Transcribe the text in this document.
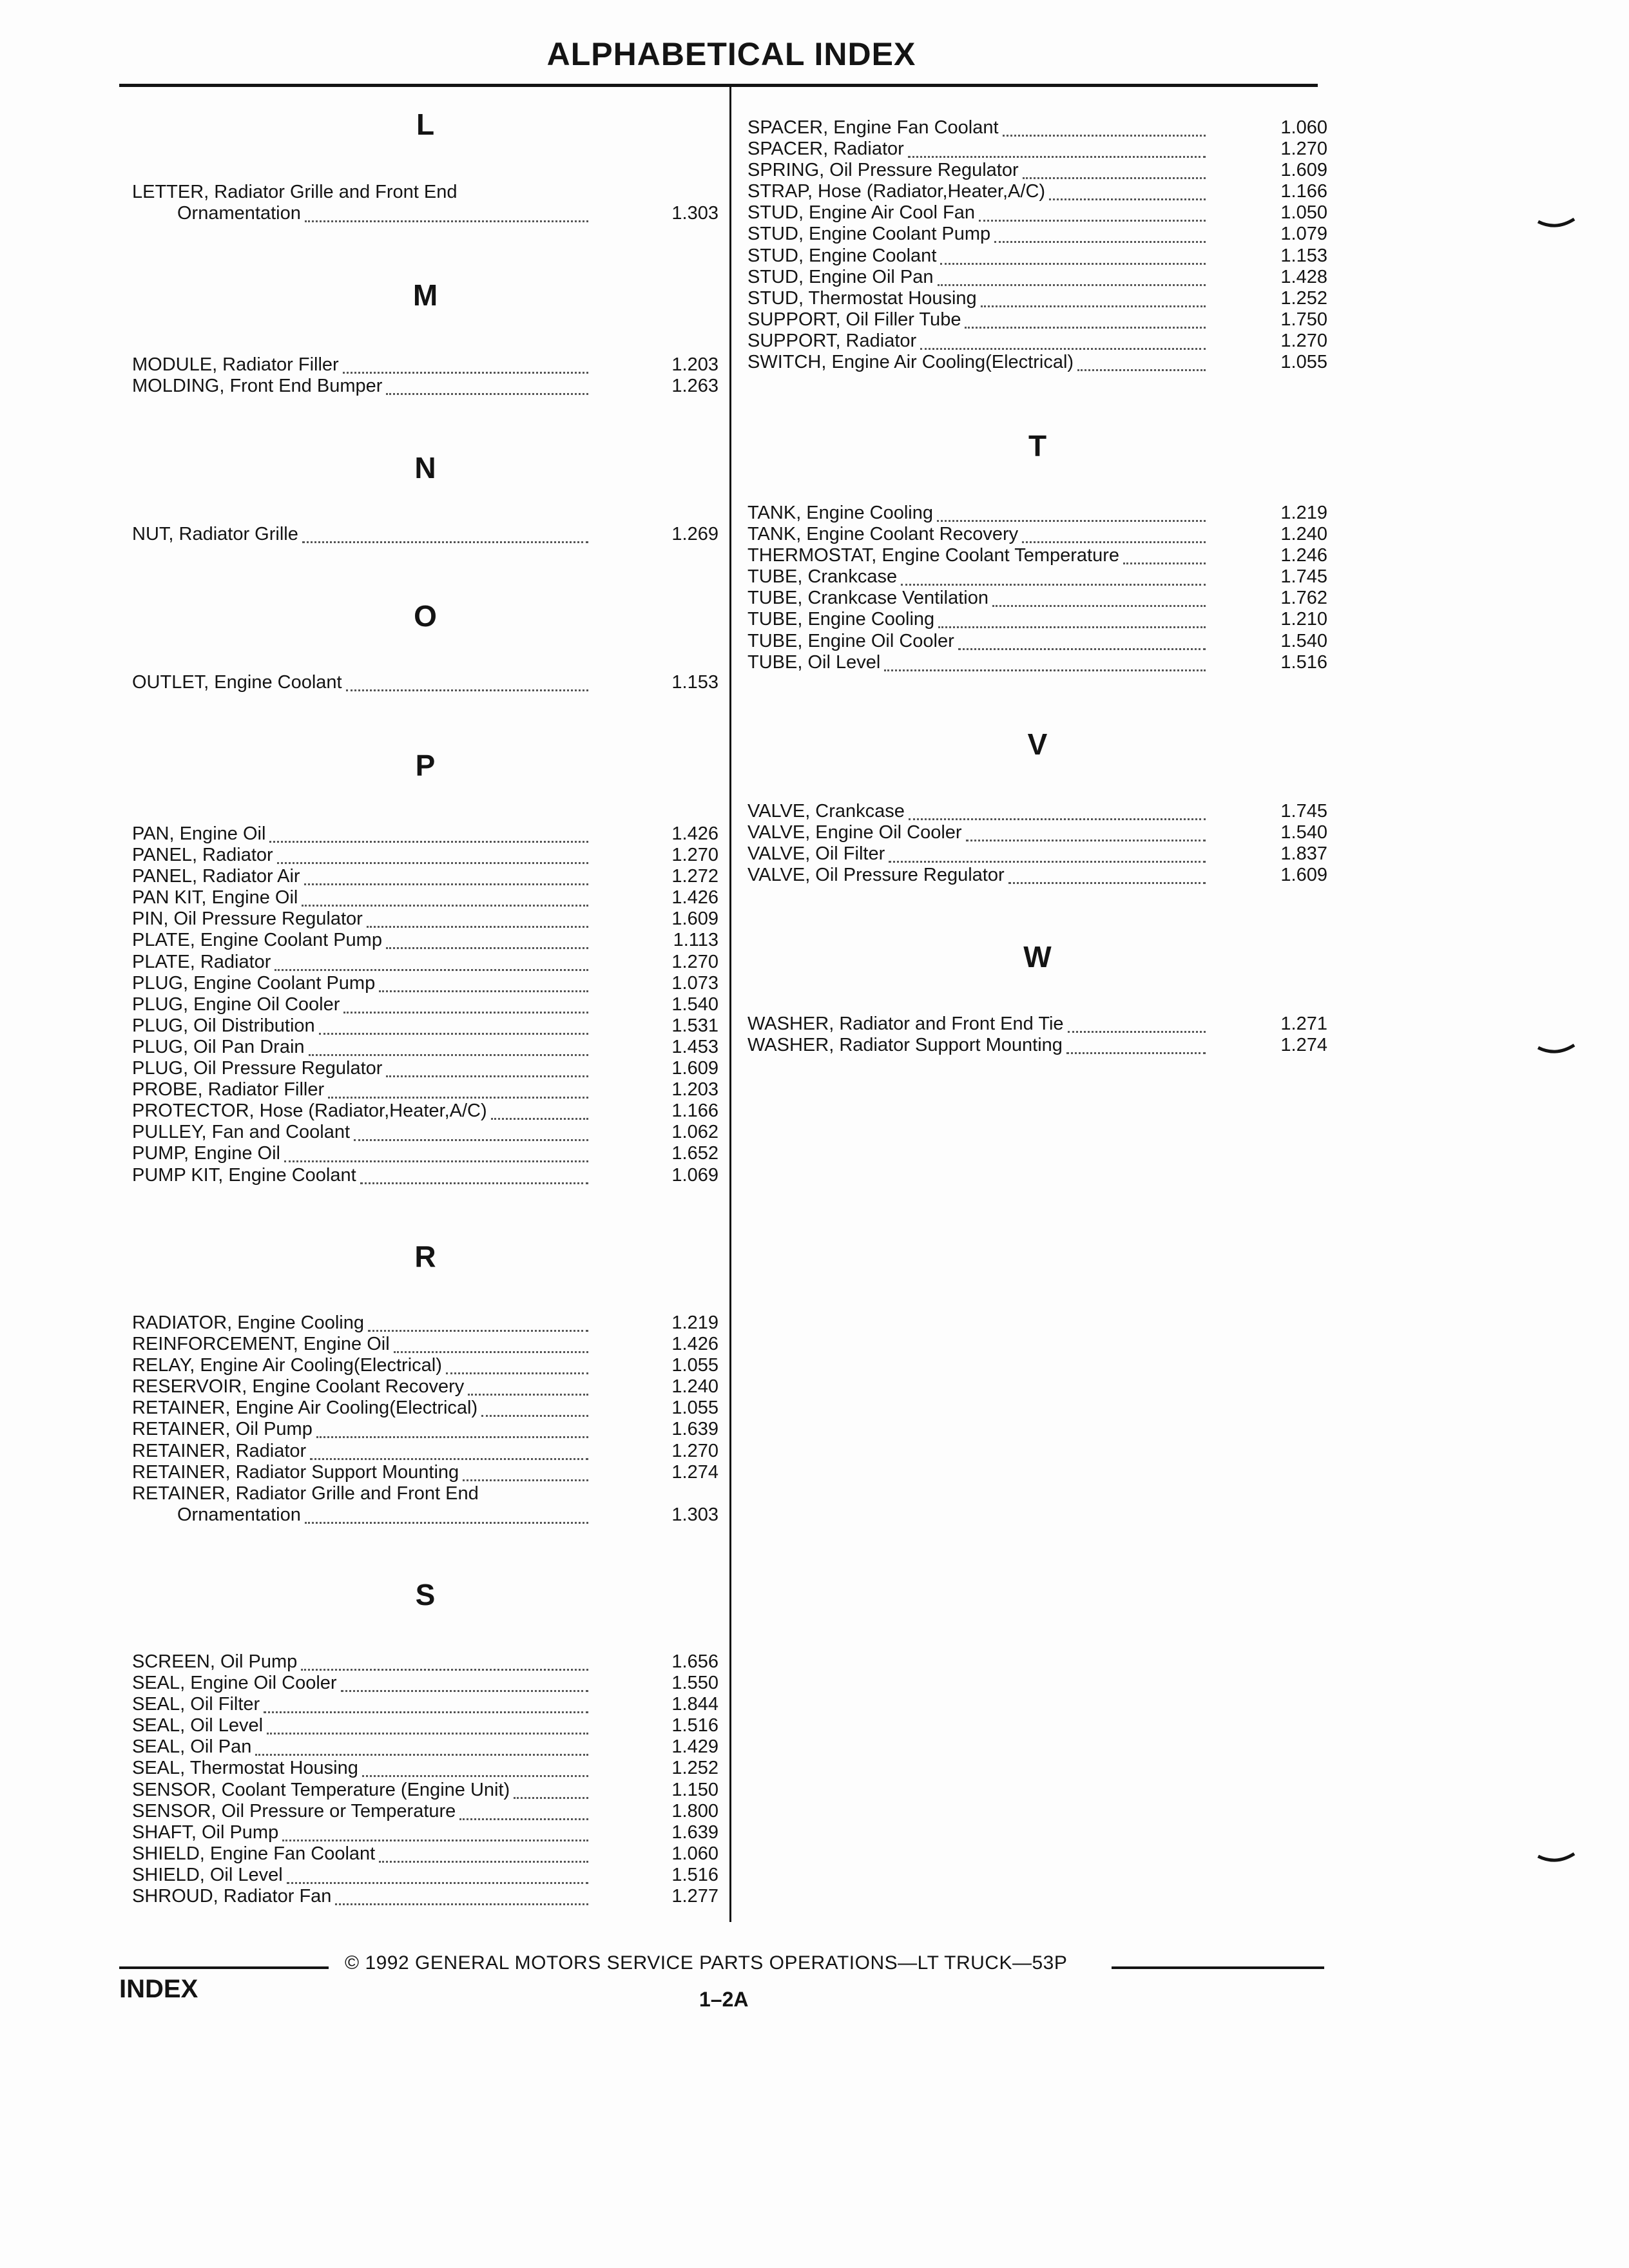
ALPHABETICAL INDEX
L
LETTER, Radiator Grille and Front End
Ornamentation	1.303
M
MODULE, Radiator Filler	1.203
MOLDING, Front End Bumper	1.263
N
NUT, Radiator Grille	1.269
O
OUTLET, Engine Coolant	1.153
P
PAN, Engine Oil	1.426
PANEL, Radiator	1.270
PANEL, Radiator Air	1.272
PAN KIT, Engine Oil	1.426
PIN, Oil Pressure Regulator	1.609
PLATE, Engine Coolant Pump	1.113
PLATE, Radiator	1.270
PLUG, Engine Coolant Pump	1.073
PLUG, Engine Oil Cooler	1.540
PLUG, Oil Distribution	1.531
PLUG, Oil Pan Drain	1.453
PLUG, Oil Pressure Regulator	1.609
PROBE, Radiator Filler	1.203
PROTECTOR, Hose (Radiator,Heater,A/C)	1.166
PULLEY, Fan and Coolant	1.062
PUMP, Engine Oil	1.652
PUMP KIT, Engine Coolant	1.069
R
RADIATOR, Engine Cooling	1.219
REINFORCEMENT, Engine Oil	1.426
RELAY, Engine Air Cooling(Electrical)	1.055
RESERVOIR, Engine Coolant Recovery	1.240
RETAINER, Engine Air Cooling(Electrical)	1.055
RETAINER, Oil Pump	1.639
RETAINER, Radiator	1.270
RETAINER, Radiator Support Mounting	1.274
RETAINER, Radiator Grille and Front End
Ornamentation	1.303
S
SCREEN, Oil Pump	1.656
SEAL, Engine Oil Cooler	1.550
SEAL, Oil Filter	1.844
SEAL, Oil Level	1.516
SEAL, Oil Pan	1.429
SEAL, Thermostat Housing	1.252
SENSOR, Coolant Temperature (Engine Unit)	1.150
SENSOR, Oil Pressure or Temperature	1.800
SHAFT, Oil Pump	1.639
SHIELD, Engine Fan Coolant	1.060
SHIELD, Oil Level	1.516
SHROUD, Radiator Fan	1.277
SPACER, Engine Fan Coolant	1.060
SPACER, Radiator	1.270
SPRING, Oil Pressure Regulator	1.609
STRAP, Hose (Radiator,Heater,A/C)	1.166
STUD, Engine Air Cool Fan	1.050
STUD, Engine Coolant Pump	1.079
STUD, Engine Coolant	1.153
STUD, Engine Oil Pan	1.428
STUD, Thermostat Housing	1.252
SUPPORT, Oil Filler Tube	1.750
SUPPORT, Radiator	1.270
SWITCH, Engine Air Cooling(Electrical)	1.055
T
TANK, Engine Cooling	1.219
TANK, Engine Coolant Recovery	1.240
THERMOSTAT, Engine Coolant Temperature	1.246
TUBE, Crankcase	1.745
TUBE, Crankcase Ventilation	1.762
TUBE, Engine Cooling	1.210
TUBE, Engine Oil Cooler	1.540
TUBE, Oil Level	1.516
V
VALVE, Crankcase	1.745
VALVE, Engine Oil Cooler	1.540
VALVE, Oil Filter	1.837
VALVE, Oil Pressure Regulator	1.609
W
WASHER, Radiator and Front End Tie	1.271
WASHER, Radiator Support Mounting	1.274
© 1992 GENERAL MOTORS SERVICE PARTS OPERATIONS—LT TRUCK—53P
INDEX	1–2A
